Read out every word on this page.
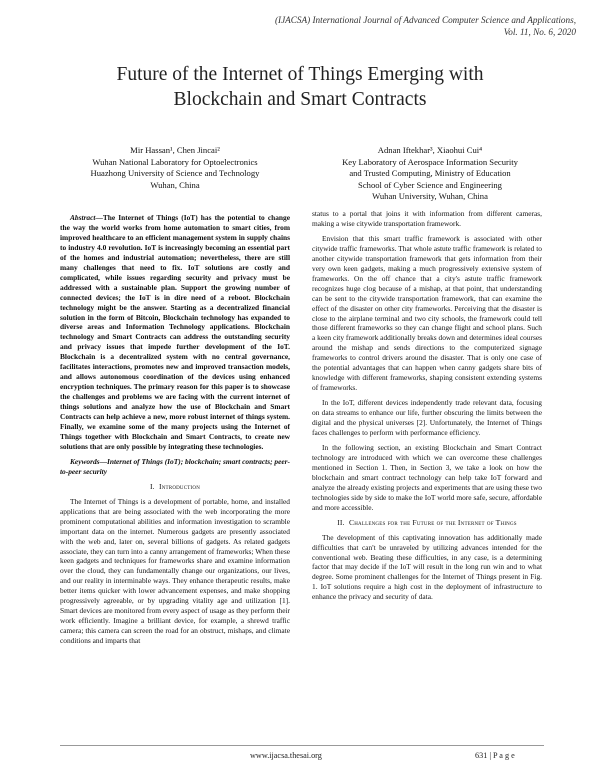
(IJACSA) International Journal of Advanced Computer Science and Applications,
Vol. 11, No. 6, 2020
Future of the Internet of Things Emerging with
Blockchain and Smart Contracts
Mir Hassan¹, Chen Jincai²
Wuhan National Laboratory for Optoelectronics
Huazhong University of Science and Technology
Wuhan, China
Adnan Iftekhar³, Xiaohui Cui⁴
Key Laboratory of Aerospace Information Security
and Trusted Computing, Ministry of Education
School of Cyber Science and Engineering
Wuhan University, Wuhan, China

Abstract—The Internet of Things (IoT) has the potential to change the way the world works from home automation to smart cities, from improved healthcare to an efficient management system in supply chains to industry 4.0 revolution. IoT is increasingly becoming an essential part of the homes and industrial automation; nevertheless, there are still many challenges that need to fix. IoT solutions are costly and complicated, while issues regarding security and privacy must be addressed with a sustainable plan. Support the growing number of connected devices; the IoT is in dire need of a reboot. Blockchain technology might be the answer. Starting as a decentralized financial solution in the form of Bitcoin, Blockchain technology has expanded to diverse areas and Information Technology applications. Blockchain technology and Smart Contracts can address the outstanding security and privacy issues that impede further development of the IoT. Blockchain is a decentralized system with no central governance, facilitates interactions, promotes new and improved transaction models, and allows autonomous coordination of the devices using enhanced encryption techniques. The primary reason for this paper is to showcase the challenges and problems we are facing with the current internet of things solutions and analyze how the use of Blockchain and Smart Contracts can help achieve a new, more robust internet of things system. Finally, we examine some of the many projects using the Internet of Things together with Blockchain and Smart Contracts, to create new solutions that are only possible by integrating these technologies.

Keywords—Internet of Things (IoT); blockchain; smart contracts; peer-to-peer security

I. Introduction

The Internet of Things is a development of portable, home, and installed applications that are being associated with the web incorporating the more prominent computational abilities and information investigation to scramble important data on the internet. Numerous gadgets are presently associated with the web and, later on, several billions of gadgets. As related gadgets associate, they can turn into a canny arrangement of frameworks; When these keen gadgets and techniques for frameworks share and examine information over the cloud, they can fundamentally change our organizations, our lives, and our reality in interminable ways. They enhance therapeutic results, make better items quicker with lower advancement expenses, and make shopping progressively agreeable, or by upgrading vitality age and utilization [1]. Smart devices are monitored from every aspect of usage as they perform their work efficiently. Imagine a brilliant device, for example, a shrewd traffic camera; this camera can screen the road for an obstruct, mishaps, and climate conditions and imparts that

status to a portal that joins it with information from different cameras, making a wise citywide transportation framework.

Envision that this smart traffic framework is associated with other citywide traffic frameworks. That whole astute traffic framework is related to another citywide transportation framework that gets information from their very own keen gadgets, making a much progressively extensive system of frameworks. On the off chance that a city's astute traffic framework recognizes huge clog because of a mishap, at that point, that understanding can be sent to the citywide transportation framework, that can examine the effect of the disaster on other city frameworks. Perceiving that the disaster is close to the airplane terminal and two city schools, the framework could tell those different frameworks so they can change flight and school plans. Such a keen city framework additionally breaks down and determines ideal courses around the mishap and sends directions to the computerized signage frameworks to control drivers around the disaster. That is only one case of the potential advantages that can happen when canny gadgets share bits of knowledge with different frameworks, shaping consistent extending systems of frameworks.

In the IoT, different devices independently trade relevant data, focusing on data streams to enhance our life, further obscuring the limits between the digital and the physical universes [2]. Unfortunately, the Internet of Things faces challenges to perform with performance efficiency.

In the following section, an existing Blockchain and Smart Contract technology are introduced with which we can overcome these challenges mentioned in Section 1. Then, in Section 3, we take a look on how the blockchain and smart contract technology can help take IoT forward and analyze the already existing projects and experiments that are using these two technologies side by side to make the IoT world more safe, secure, affordable and more accessible.

II. Challenges for the Future of the Internet of Things

The development of this captivating innovation has additionally made difficulties that can't be unraveled by utilizing advances intended for the conventional web. Beating these difficulties, in any case, is a determining factor that may decide if the IoT will result in the long run win and to what degree. Some prominent challenges for the Internet of Things present in Fig. 1. IoT solutions require a high cost in the deployment of infrastructure to enhance the privacy and security of data.

www.ijacsa.thesai.org	631 | P a g e
